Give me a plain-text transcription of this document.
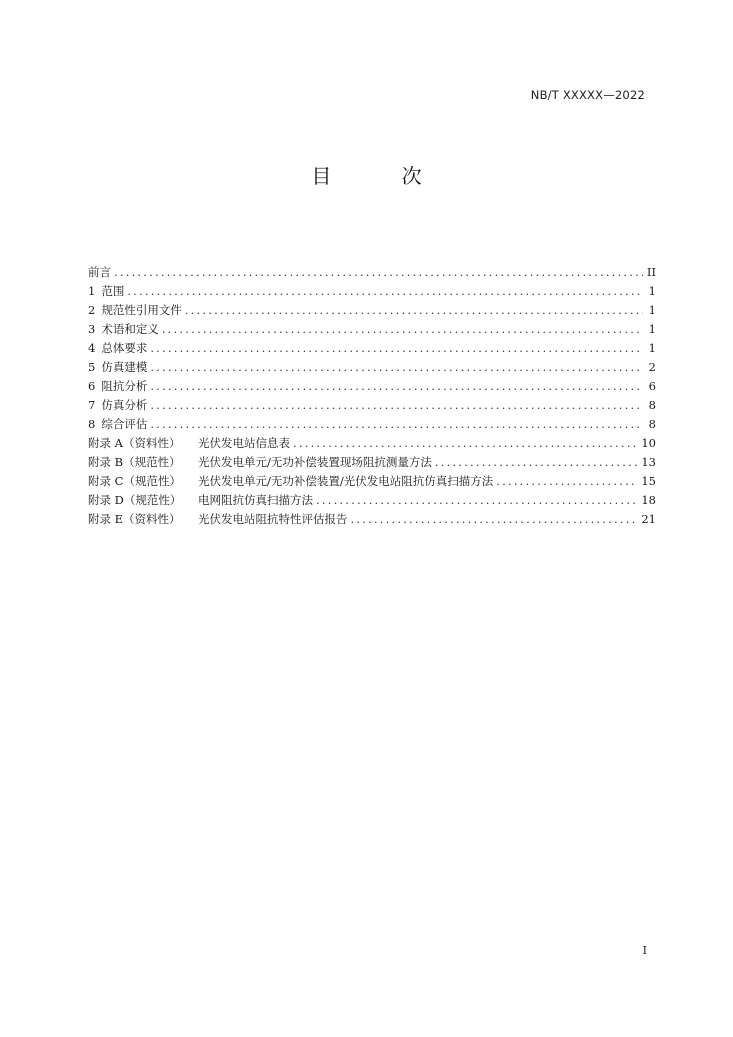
NB/T XXXXX—2022
目 次
前言 .....	II
1 范围 .....	1
2 规范性引用文件 .....	1
3 术语和定义 .....	1
4 总体要求 .....	1
5 仿真建模 .....	2
6 阻抗分析 .....	6
7 仿真分析 .....	8
8 综合评估 .....	8
附录 A（资料性） 光伏发电站信息表 .....	10
附录 B（规范性） 光伏发电单元/无功补偿装置现场阻抗测量方法 .....	13
附录 C（规范性） 光伏发电单元/无功补偿装置/光伏发电站阻抗仿真扫描方法 .....	15
附录 D（规范性） 电网阻抗仿真扫描方法 .....	18
附录 E（资料性） 光伏发电站阻抗特性评估报告 .....	21
I
